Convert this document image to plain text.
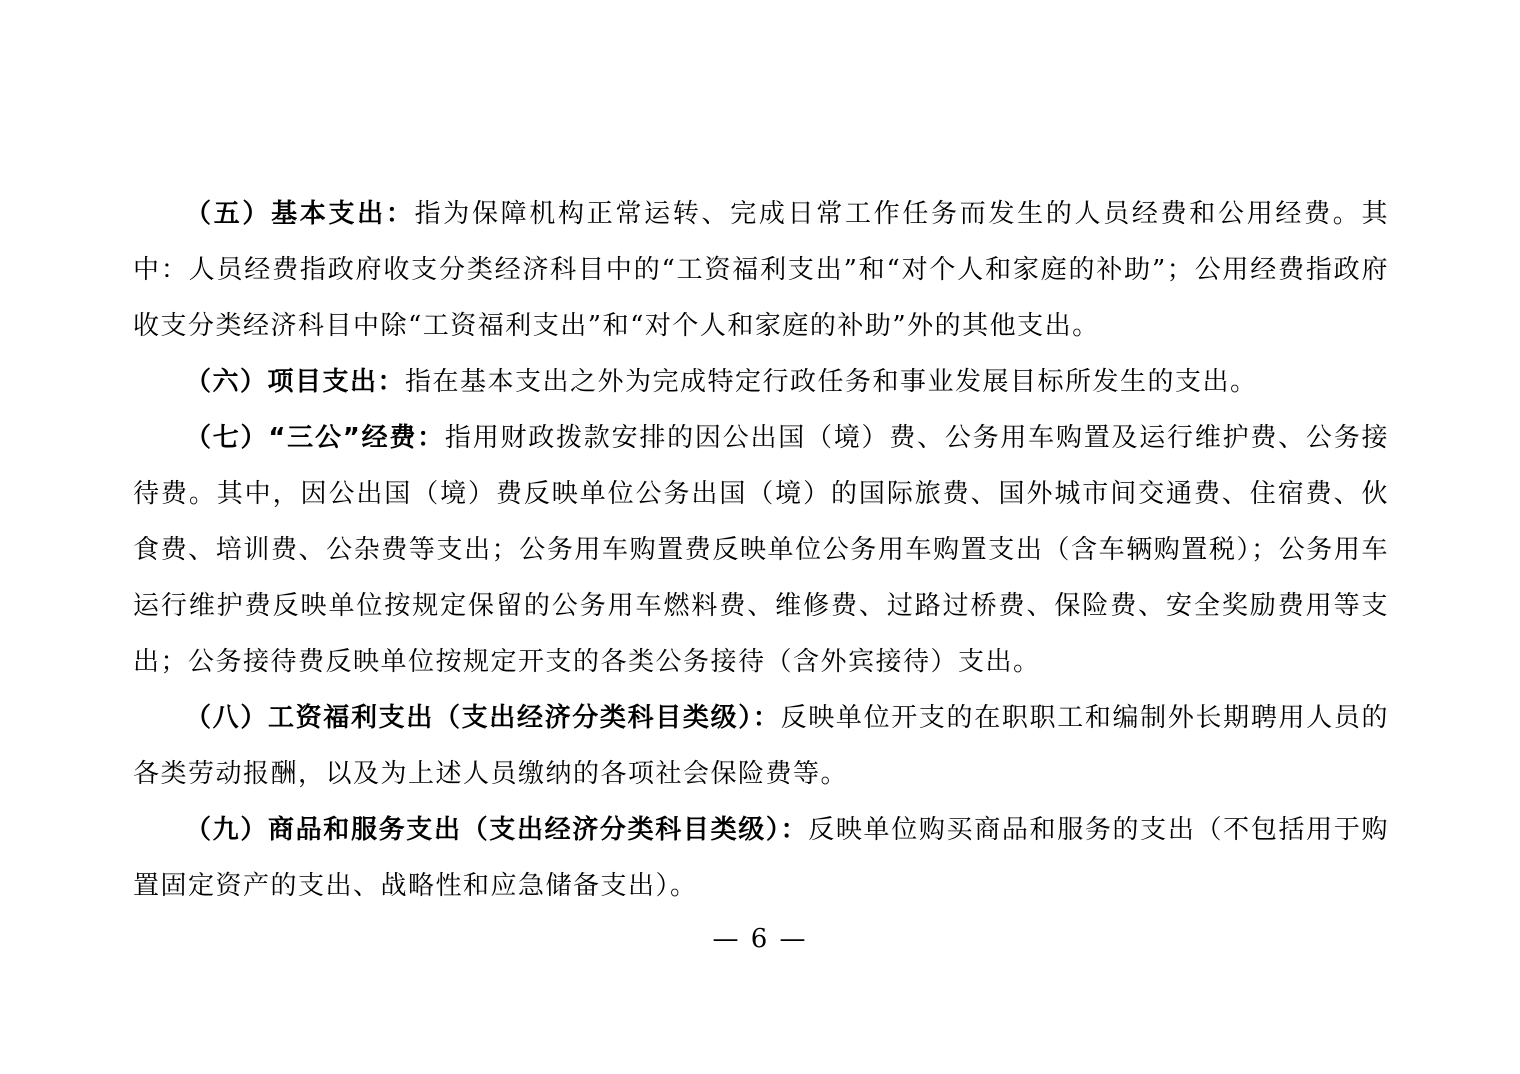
（五）基本支出：指为保障机构正常运转、完成日常工作任务而发生的人员经费和公用经费。其中：人员经费指政府收支分类经济科目中的“工资福利支出”和“对个人和家庭的补助”；公用经费指政府收支分类经济科目中除“工资福利支出”和“对个人和家庭的补助”外的其他支出。

（六）项目支出：指在基本支出之外为完成特定行政任务和事业发展目标所发生的支出。

（七）“三公”经费：指用财政拨款安排的因公出国（境）费、公务用车购置及运行维护费、公务接待费。其中，因公出国（境）费反映单位公务出国（境）的国际旅费、国外城市间交通费、住宿费、伙食费、培训费、公杂费等支出；公务用车购置费反映单位公务用车购置支出（含车辆购置税）；公务用车运行维护费反映单位按规定保留的公务用车燃料费、维修费、过路过桥费、保险费、安全奖励费用等支出；公务接待费反映单位按规定开支的各类公务接待（含外宾接待）支出。

（八）工资福利支出（支出经济分类科目类级）：反映单位开支的在职职工和编制外长期聘用人员的各类劳动报酬，以及为上述人员缴纳的各项社会保险费等。

（九）商品和服务支出（支出经济分类科目类级）：反映单位购买商品和服务的支出（不包括用于购置固定资产的支出、战略性和应急储备支出）。

— 6 —
